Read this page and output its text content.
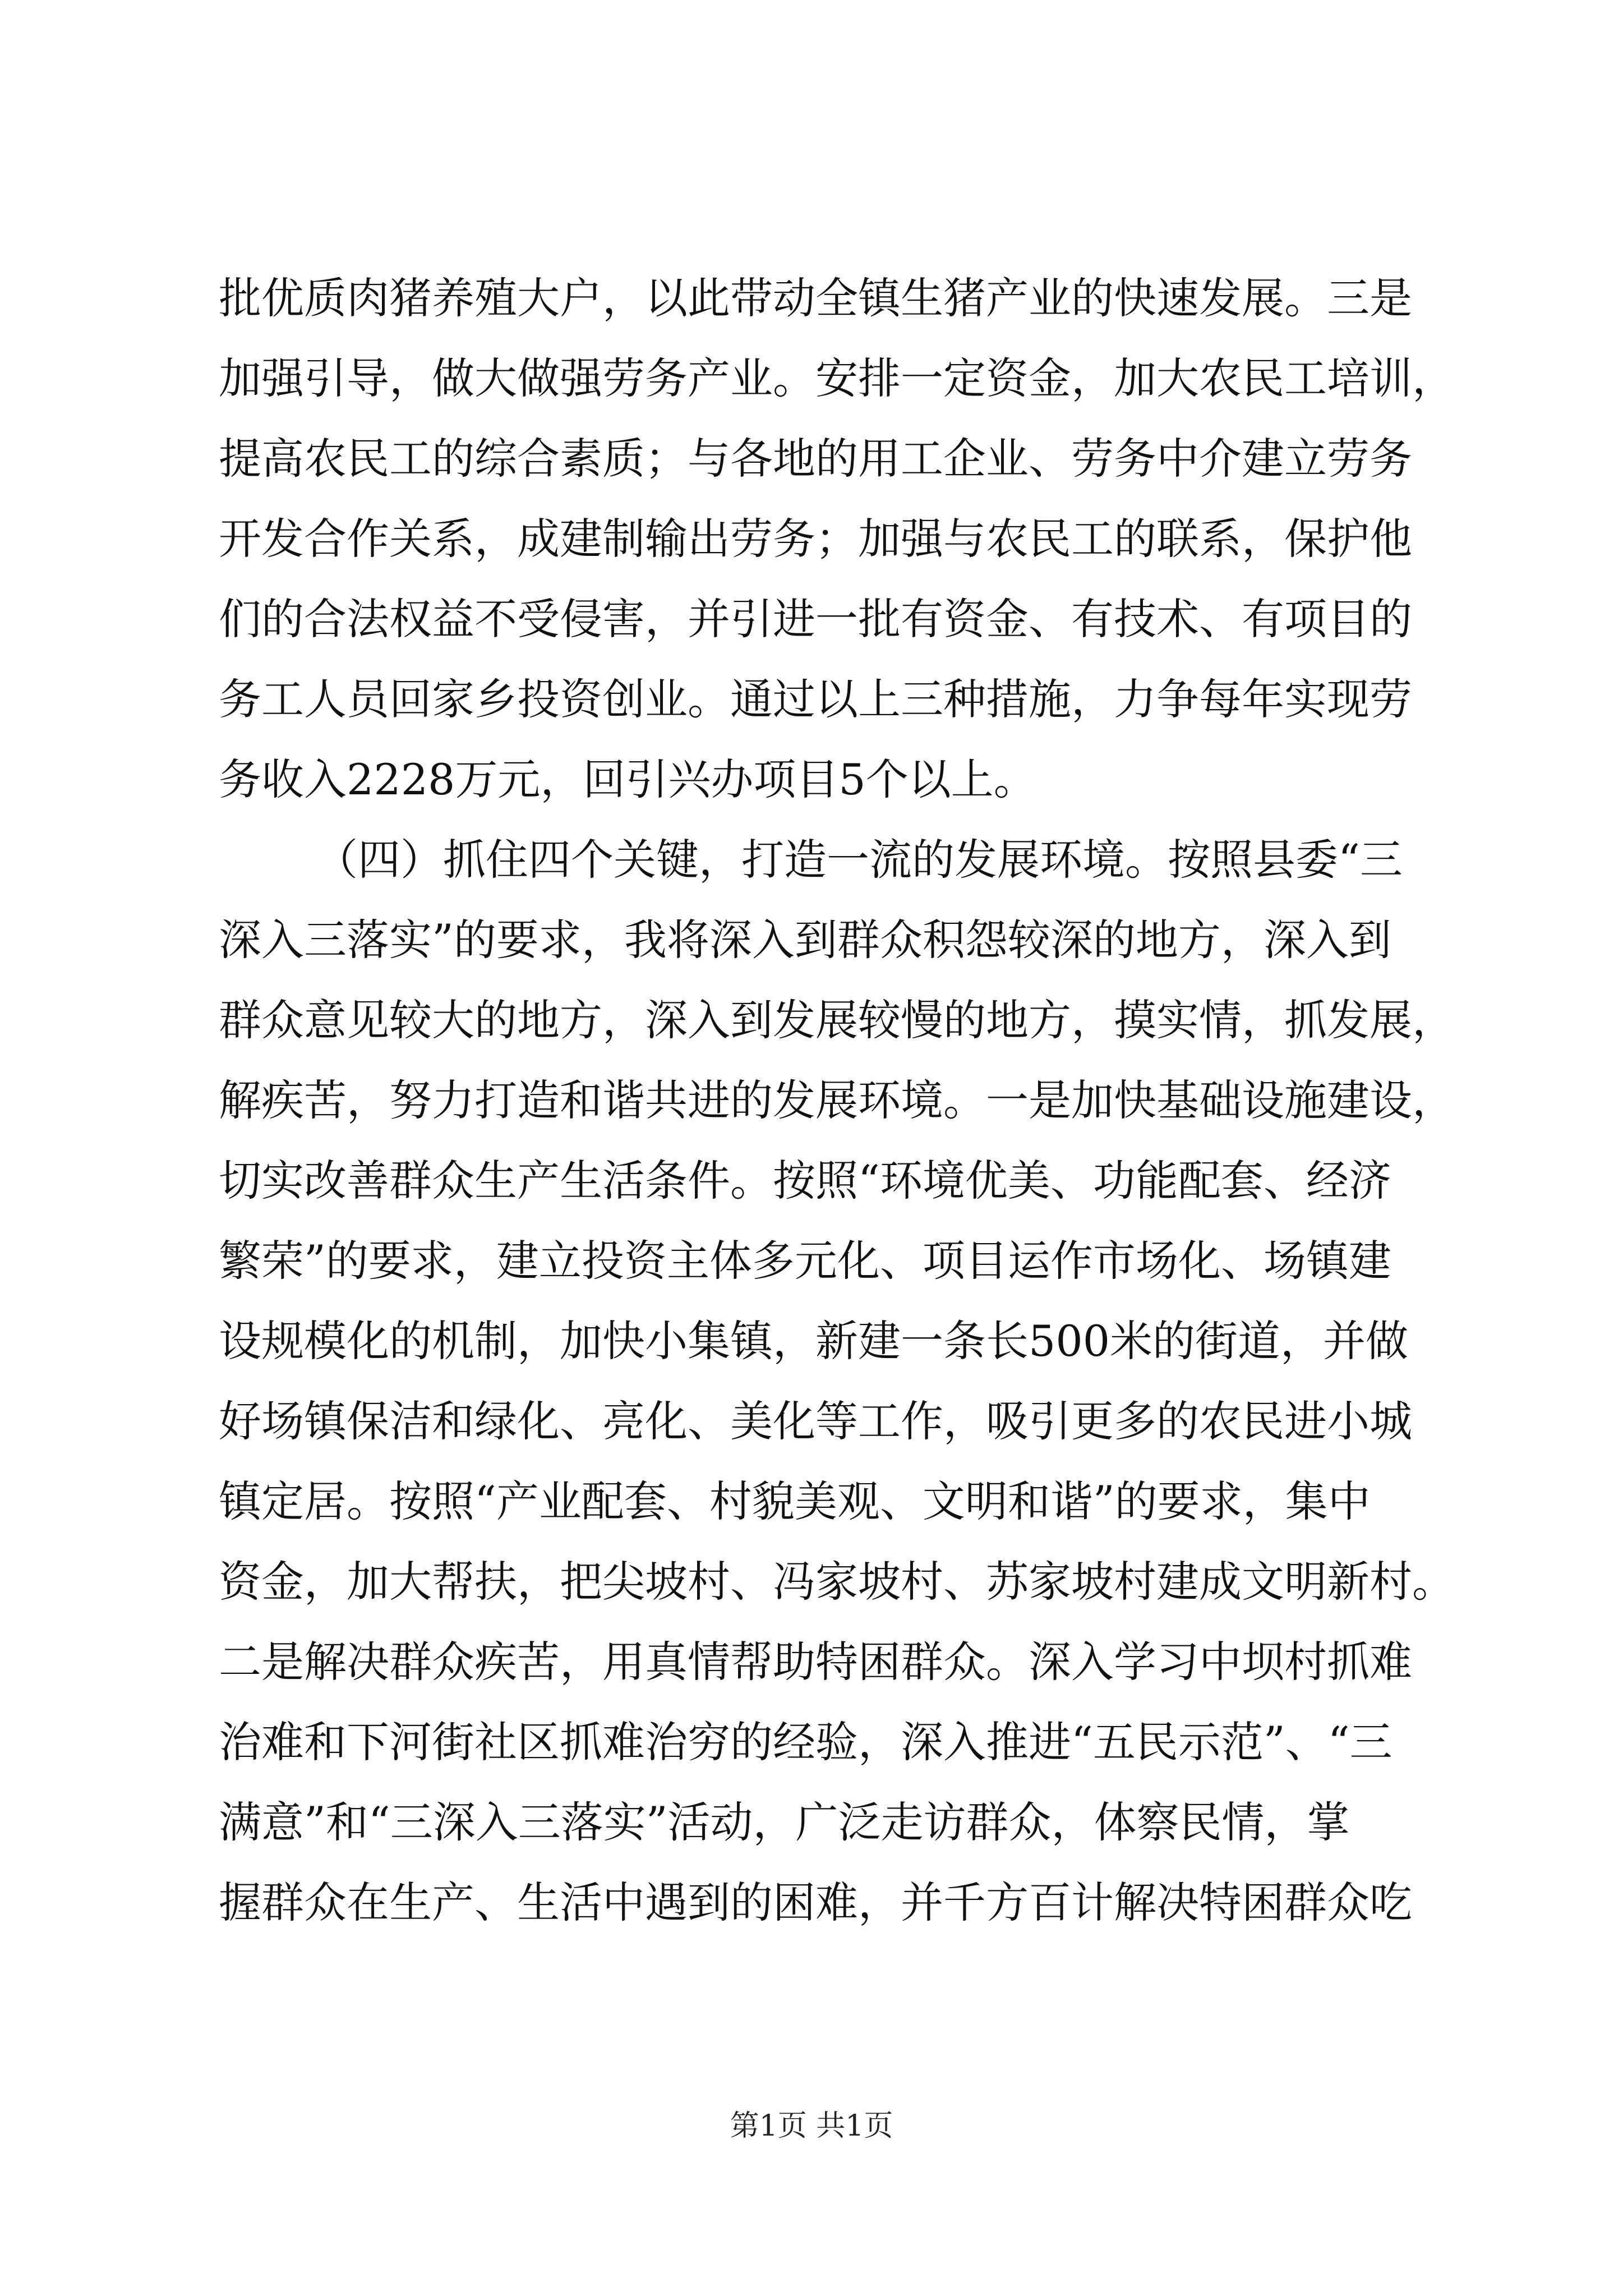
批优质肉猪养殖大户，以此带动全镇生猪产业的快速发展。三是
加强引导，做大做强劳务产业。安排一定资金，加大农民工培训，
提高农民工的综合素质；与各地的用工企业、劳务中介建立劳务
开发合作关系，成建制输出劳务；加强与农民工的联系，保护他
们的合法权益不受侵害，并引进一批有资金、有技术、有项目的
务工人员回家乡投资创业。通过以上三种措施，力争每年实现劳
务收入2228万元，回引兴办项目5个以上。
（四）抓住四个关键，打造一流的发展环境。按照县委“三
深入三落实”的要求，我将深入到群众积怨较深的地方，深入到
群众意见较大的地方，深入到发展较慢的地方，摸实情，抓发展，
解疾苦，努力打造和谐共进的发展环境。一是加快基础设施建设，
切实改善群众生产生活条件。按照“环境优美、功能配套、经济
繁荣”的要求，建立投资主体多元化、项目运作市场化、场镇建
设规模化的机制，加快小集镇，新建一条长500米的街道，并做
好场镇保洁和绿化、亮化、美化等工作，吸引更多的农民进小城
镇定居。按照“产业配套、村貌美观、文明和谐”的要求，集中
资金，加大帮扶，把尖坡村、冯家坡村、苏家坡村建成文明新村。
二是解决群众疾苦，用真情帮助特困群众。深入学习中坝村抓难
治难和下河街社区抓难治穷的经验，深入推进“五民示范”、“三
满意”和“三深入三落实”活动，广泛走访群众，体察民情，掌
握群众在生产、生活中遇到的困难，并千方百计解决特困群众吃
第1页 共1页
